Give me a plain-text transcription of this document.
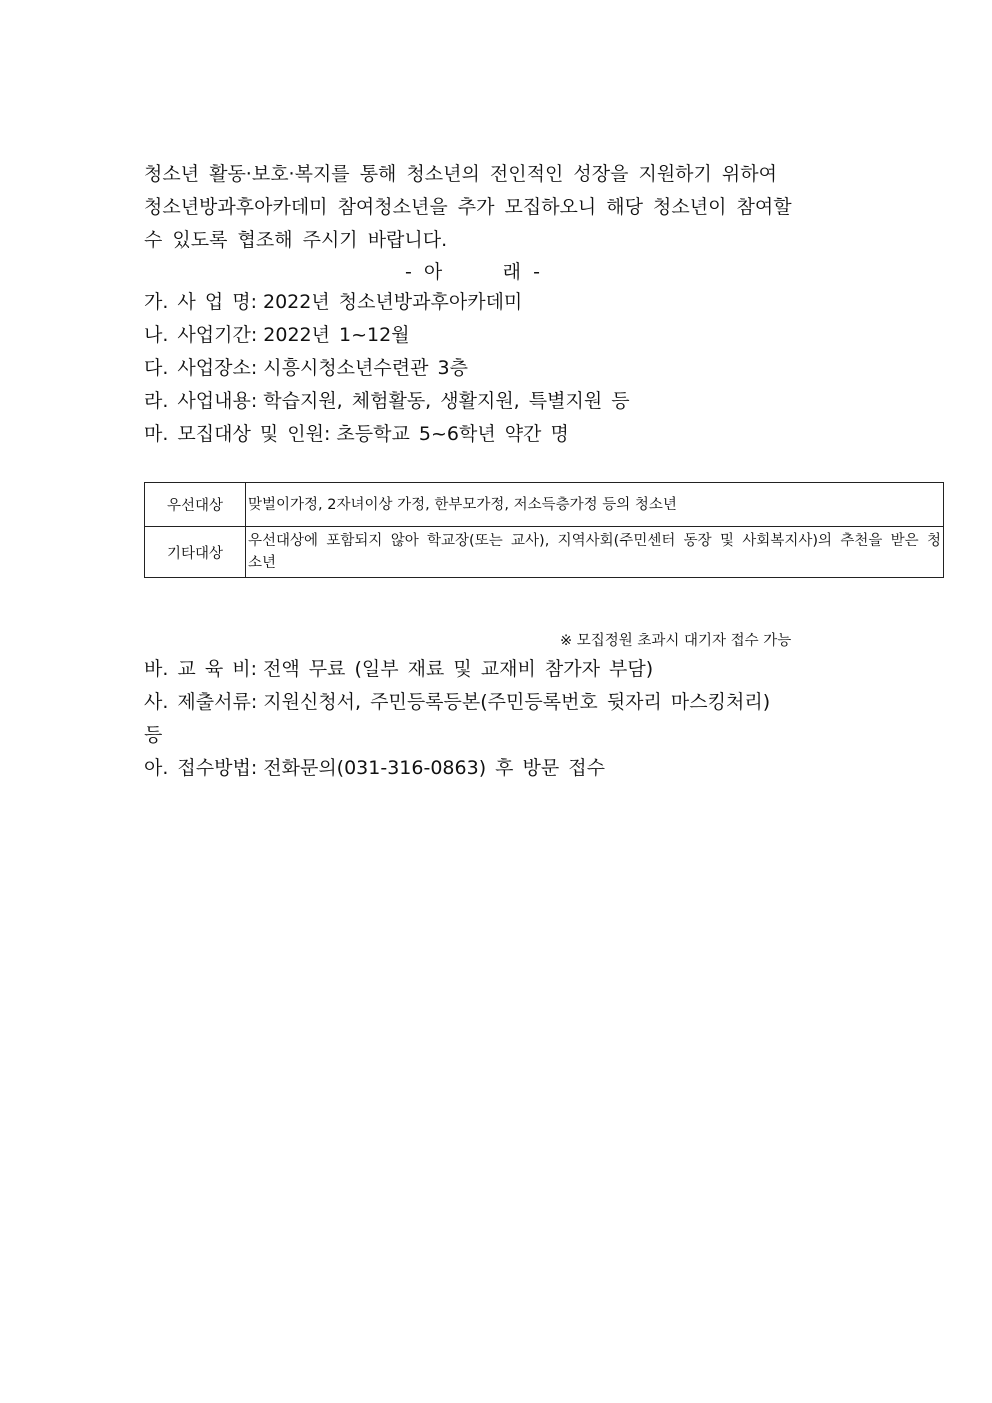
청소년 활동·보호·복지를 통해 청소년의 전인적인 성장을 지원하기 위하여
청소년방과후아카데미 참여청소년을 추가 모집하오니 해당 청소년이 참여할
수 있도록 협조해 주시기 바랍니다.
-  아          래  -
가. 사 업 명: 2022년 청소년방과후아카데미
나. 사업기간: 2022년 1~12월
다. 사업장소: 시흥시청소년수련관 3층
라. 사업내용: 학습지원, 체험활동, 생활지원, 특별지원 등
마. 모집대상 및 인원: 초등학교 5~6학년 약간 명
우선대상	맞벌이가정, 2자녀이상 가정, 한부모가정, 저소득층가정 등의 청소년
기타대상	우선대상에 포함되지 않아 학교장(또는 교사), 지역사회(주민센터 동장 및 사회복지사)의 추천을 받은 청소년
※ 모집정원 초과시 대기자 접수 가능
바. 교 육 비: 전액 무료 (일부 재료 및 교재비 참가자 부담)
사. 제출서류: 지원신청서, 주민등록등본(주민등록번호 뒷자리 마스킹처리)
등
아. 접수방법: 전화문의(031-316-0863) 후 방문 접수
